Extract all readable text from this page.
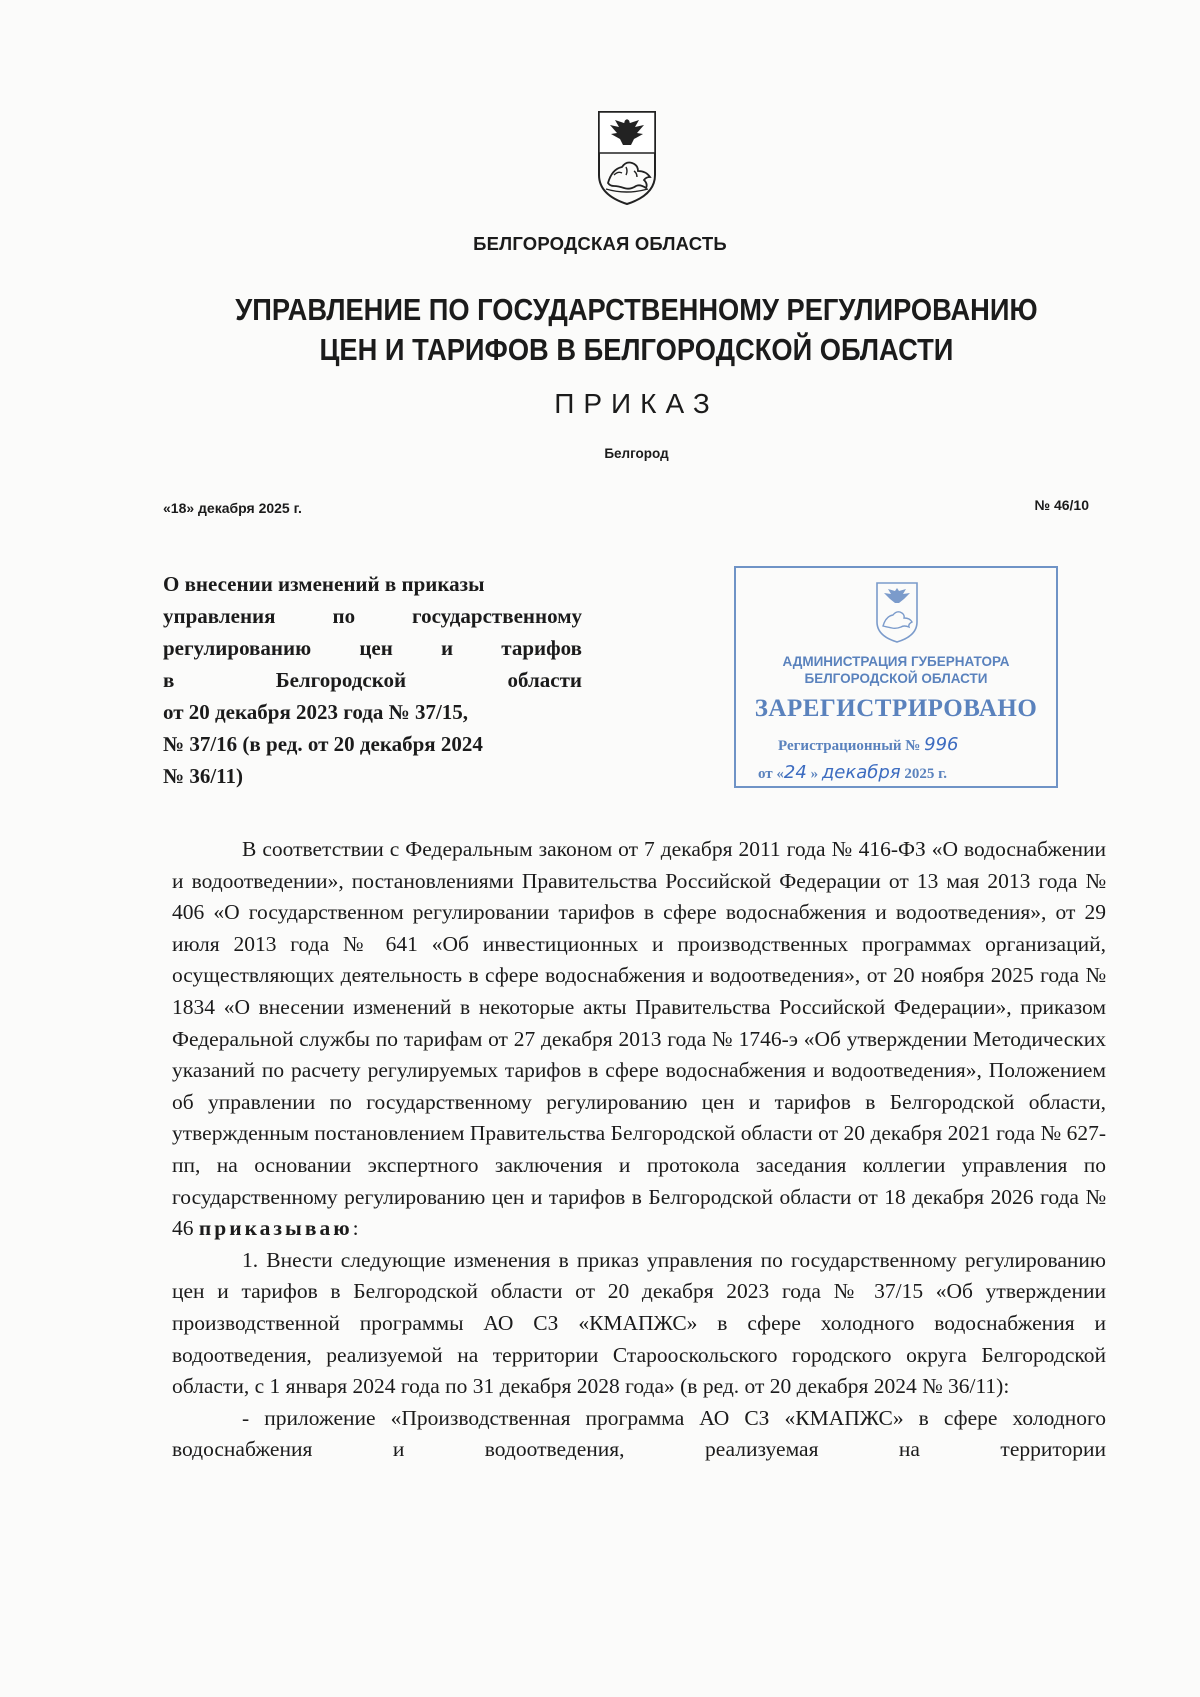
БЕЛГОРОДСКАЯ ОБЛАСТЬ
УПРАВЛЕНИЕ ПО ГОСУДАРСТВЕННОМУ РЕГУЛИРОВАНИЮ
ЦЕН И ТАРИФОВ В БЕЛГОРОДСКОЙ ОБЛАСТИ
ПРИКАЗ
Белгород
«18» декабря 2025 г.	№ 46/10
О внесении изменений в приказы
управления по государственному
регулированию цен и тарифов
в Белгородской области
от 20 декабря 2023 года № 37/15,
№ 37/16 (в ред. от 20 декабря 2024
№ 36/11)
АДМИНИСТРАЦИЯ ГУБЕРНАТОРА
БЕЛГОРОДСКОЙ ОБЛАСТИ
ЗАРЕГИСТРИРОВАНО
Регистрационный № 996
от «24 » декабря 2025 г.

В соответствии с Федеральным законом от 7 декабря 2011 года № 416-ФЗ «О водоснабжении и водоотведении», постановлениями Правительства Российской Федерации от 13 мая 2013 года № 406 «О государственном регулировании тарифов в сфере водоснабжения и водоотведения», от 29 июля 2013 года № 641 «Об инвестиционных и производственных программах организаций, осуществляющих деятельность в сфере водоснабжения и водоотведения», от 20 ноября 2025 года № 1834 «О внесении изменений в некоторые акты Правительства Российской Федерации», приказом Федеральной службы по тарифам от 27 декабря 2013 года № 1746-э «Об утверждении Методических указаний по расчету регулируемых тарифов в сфере водоснабжения и водоотведения», Положением об управлении по государственному регулированию цен и тарифов в Белгородской области, утвержденным постановлением Правительства Белгородской области от 20 декабря 2021 года № 627-пп, на основании экспертного заключения и протокола заседания коллегии управления по государственному регулированию цен и тарифов в Белгородской области от 18 декабря 2026 года № 46 приказываю:

1. Внести следующие изменения в приказ управления по государственному регулированию цен и тарифов в Белгородской области от 20 декабря 2023 года № 37/15 «Об утверждении производственной программы АО СЗ «КМАПЖС» в сфере холодного водоснабжения и водоотведения, реализуемой на территории Старооскольского городского округа Белгородской области, с 1 января 2024 года по 31 декабря 2028 года» (в ред. от 20 декабря 2024 № 36/11):

- приложение «Производственная программа АО СЗ «КМАПЖС» в сфере холодного водоснабжения и водоотведения, реализуемая на территории
